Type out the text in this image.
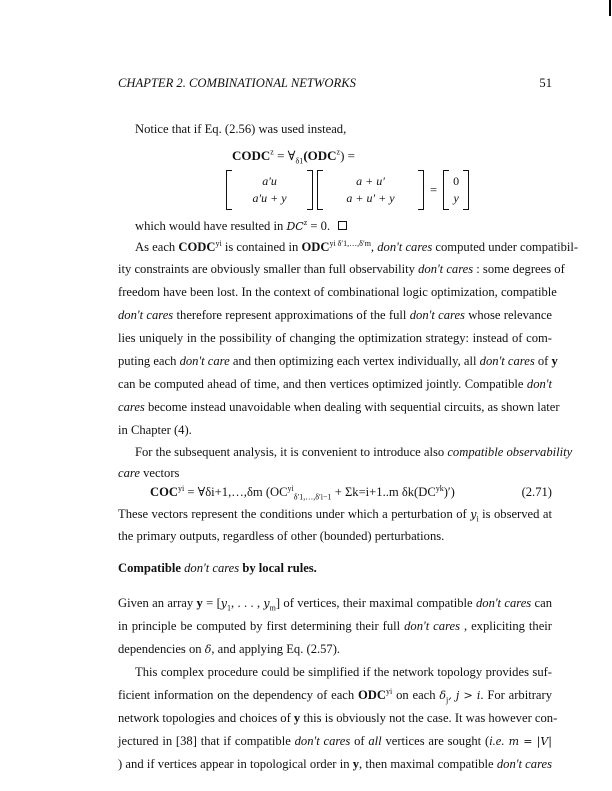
CHAPTER 2. COMBINATIONAL NETWORKS	51
$CODC^z$ = $\forall_{\delta 1}(ODC^z)$ =
a′u
a′u + y
a + u′
a + u′ + y
=
0
y
$COC^{yi}$ = ∀δi+1,…,δm ($OC^{yi}_{\delta'1,\dots,\delta'i-1} + \Sigma k=i+1..m$ $\delta k(DC^{yk})'$)	(2.71)
Notice that if Eq. (2.56) was used instead,
which would have resulted in $DC^z = 0$.
As each $CODC^{yi}$ is contained in $ODC^{yi \delta'1,\dots,\delta'm}$, don't cares computed under compatibil-
ity constraints are obviously smaller than full observability don't cares : some degrees of
freedom have been lost. In the context of combinational logic optimization, compatible
don't cares therefore represent approximations of the full don't cares whose relevance
lies uniquely in the possibility of changing the optimization strategy: instead of com-
puting each don't care and then optimizing each vertex individually, all don't cares of y
can be computed ahead of time, and then vertices optimized jointly. Compatible don't
cares become instead unavoidable when dealing with sequential circuits, as shown later
in Chapter (4).
For the subsequent analysis, it is convenient to introduce also compatible observability
care vectors
These vectors represent the conditions under which a perturbation of $y_i$ is observed at
the primary outputs, regardless of other (bounded) perturbations.
Compatible don't cares by local rules.
Given an array $y = [y_1$, . . . , $y_m$] of vertices, their maximal compatible don't cares can
in principle be computed by first determining their full don't cares , expliciting their
dependencies on δ, and applying Eq. (2.57).
This complex procedure could be simplified if the network topology provides suf-
ficient information on the dependency of each $ODC^{yi}$ on each $\delta_j$, j > i. For arbitrary
network topologies and choices of y this is obviously not the case. It was however con-
jectured in [38] that if compatible don't cares of all vertices are sought (i.e. m = |V|
) and if vertices appear in topological order in y, then maximal compatible don't cares
